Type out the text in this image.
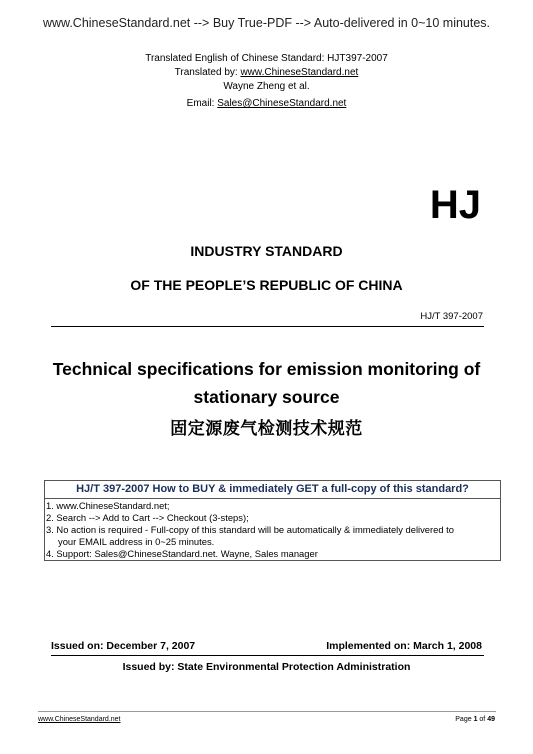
www.ChineseStandard.net --> Buy True-PDF --> Auto-delivered in 0~10 minutes.
Translated English of Chinese Standard: HJT397-2007
Translated by: www.ChineseStandard.net
Wayne Zheng et al.
Email: Sales@ChineseStandard.net
HJ
INDUSTRY STANDARD
OF THE PEOPLE’S REPUBLIC OF CHINA
HJ/T 397-2007
Technical specifications for emission monitoring of
stationary source
固定源废气检测技术规范
HJ/T 397-2007 How to BUY & immediately GET a full-copy of this standard?
1. www.ChineseStandard.net;
2. Search --> Add to Cart --> Checkout (3-steps);
3. No action is required - Full-copy of this standard will be automatically & immediately delivered to
your EMAIL address in 0~25 minutes.
4. Support: Sales@ChineseStandard.net. Wayne, Sales manager
Issued on: December 7, 2007	Implemented on: March 1, 2008
Issued by: State Environmental Protection Administration
www.ChineseStandard.net	Page 1 of 49
